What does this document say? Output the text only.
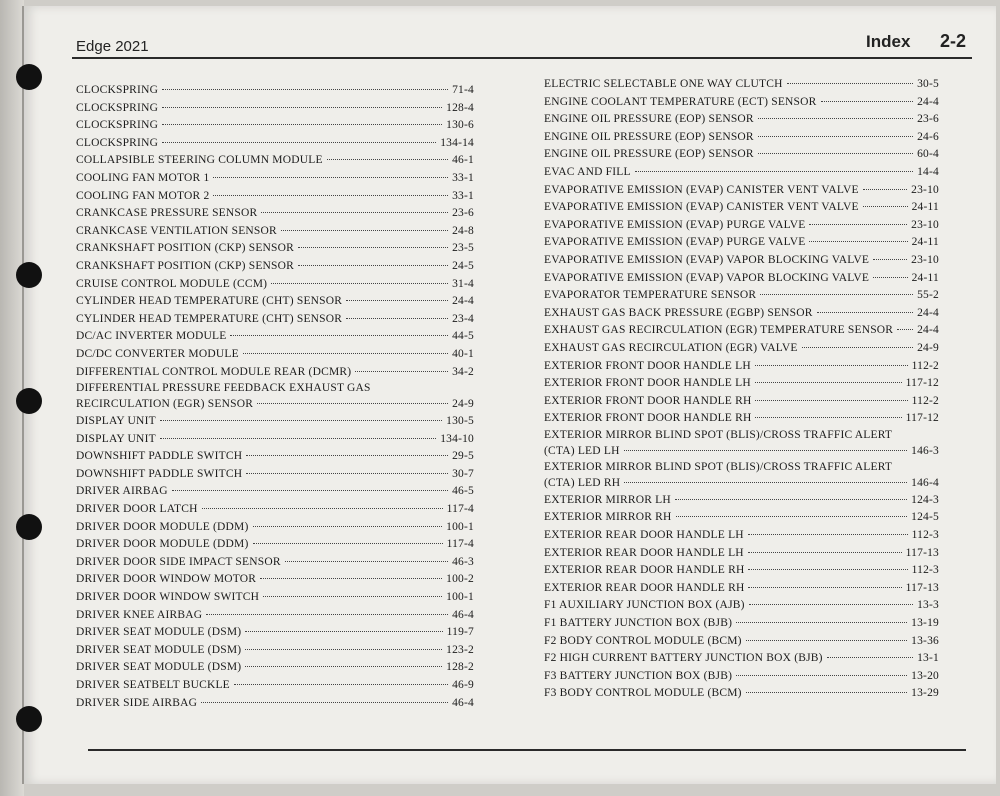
Edge 2021	Index 2-2
CLOCKSPRING	71-4
CLOCKSPRING	128-4
CLOCKSPRING	130-6
CLOCKSPRING	134-14
COLLAPSIBLE STEERING COLUMN MODULE	46-1
COOLING FAN MOTOR 1	33-1
COOLING FAN MOTOR 2	33-1
CRANKCASE PRESSURE SENSOR	23-6
CRANKCASE VENTILATION SENSOR	24-8
CRANKSHAFT POSITION (CKP) SENSOR	23-5
CRANKSHAFT POSITION (CKP) SENSOR	24-5
CRUISE CONTROL MODULE (CCM)	31-4
CYLINDER HEAD TEMPERATURE (CHT) SENSOR	24-4
CYLINDER HEAD TEMPERATURE (CHT) SENSOR	23-4
DC/AC INVERTER MODULE	44-5
DC/DC CONVERTER MODULE	40-1
DIFFERENTIAL CONTROL MODULE REAR (DCMR)	34-2
DIFFERENTIAL PRESSURE FEEDBACK EXHAUST GAS
RECIRCULATION (EGR) SENSOR	24-9
DISPLAY UNIT	130-5
DISPLAY UNIT	134-10
DOWNSHIFT PADDLE SWITCH	29-5
DOWNSHIFT PADDLE SWITCH	30-7
DRIVER AIRBAG	46-5
DRIVER DOOR LATCH	117-4
DRIVER DOOR MODULE (DDM)	100-1
DRIVER DOOR MODULE (DDM)	117-4
DRIVER DOOR SIDE IMPACT SENSOR	46-3
DRIVER DOOR WINDOW MOTOR	100-2
DRIVER DOOR WINDOW SWITCH	100-1
DRIVER KNEE AIRBAG	46-4
DRIVER SEAT MODULE (DSM)	119-7
DRIVER SEAT MODULE (DSM)	123-2
DRIVER SEAT MODULE (DSM)	128-2
DRIVER SEATBELT BUCKLE	46-9
DRIVER SIDE AIRBAG	46-4
ELECTRIC SELECTABLE ONE WAY CLUTCH	30-5
ENGINE COOLANT TEMPERATURE (ECT) SENSOR	24-4
ENGINE OIL PRESSURE (EOP) SENSOR	23-6
ENGINE OIL PRESSURE (EOP) SENSOR	24-6
ENGINE OIL PRESSURE (EOP) SENSOR	60-4
EVAC AND FILL	14-4
EVAPORATIVE EMISSION (EVAP) CANISTER VENT VALVE	23-10
EVAPORATIVE EMISSION (EVAP) CANISTER VENT VALVE	24-11
EVAPORATIVE EMISSION (EVAP) PURGE VALVE	23-10
EVAPORATIVE EMISSION (EVAP) PURGE VALVE	24-11
EVAPORATIVE EMISSION (EVAP) VAPOR BLOCKING VALVE	23-10
EVAPORATIVE EMISSION (EVAP) VAPOR BLOCKING VALVE	24-11
EVAPORATOR TEMPERATURE SENSOR	55-2
EXHAUST GAS BACK PRESSURE (EGBP) SENSOR	24-4
EXHAUST GAS RECIRCULATION (EGR) TEMPERATURE SENSOR 24-4
EXHAUST GAS RECIRCULATION (EGR) VALVE	24-9
EXTERIOR FRONT DOOR HANDLE LH	112-2
EXTERIOR FRONT DOOR HANDLE LH	117-12
EXTERIOR FRONT DOOR HANDLE RH	112-2
EXTERIOR FRONT DOOR HANDLE RH	117-12
EXTERIOR MIRROR BLIND SPOT (BLIS)/CROSS TRAFFIC ALERT
(CTA) LED LH	146-3
EXTERIOR MIRROR BLIND SPOT (BLIS)/CROSS TRAFFIC ALERT
(CTA) LED RH	146-4
EXTERIOR MIRROR LH	124-3
EXTERIOR MIRROR RH	124-5
EXTERIOR REAR DOOR HANDLE LH	112-3
EXTERIOR REAR DOOR HANDLE LH	117-13
EXTERIOR REAR DOOR HANDLE RH	112-3
EXTERIOR REAR DOOR HANDLE RH	117-13
F1 AUXILIARY JUNCTION BOX (AJB)	13-3
F1 BATTERY JUNCTION BOX (BJB)	13-19
F2 BODY CONTROL MODULE (BCM)	13-36
F2 HIGH CURRENT BATTERY JUNCTION BOX (BJB)	13-1
F3 BATTERY JUNCTION BOX (BJB)	13-20
F3 BODY CONTROL MODULE (BCM)	13-29
